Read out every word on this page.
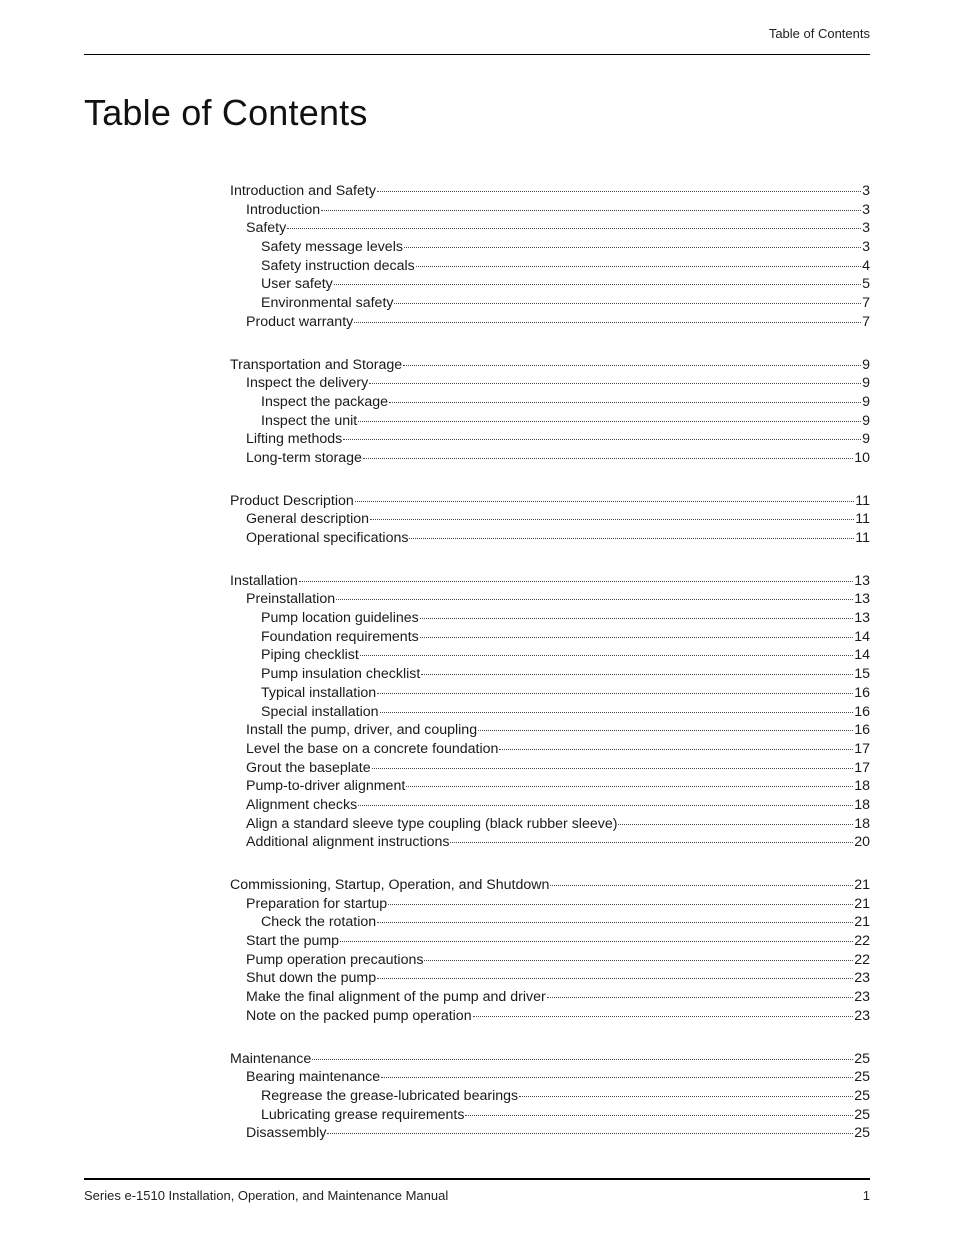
Table of Contents
Table of Contents
Introduction and Safety	3
Introduction	3
Safety	3
Safety message levels	3
Safety instruction decals	4
User safety	5
Environmental safety	7
Product warranty	7
Transportation and Storage	9
Inspect the delivery	9
Inspect the package	9
Inspect the unit	9
Lifting methods	9
Long-term storage	10
Product Description	11
General description	11
Operational specifications	11
Installation	13
Preinstallation	13
Pump location guidelines	13
Foundation requirements	14
Piping checklist	14
Pump insulation checklist	15
Typical installation	16
Special installation	16
Install the pump, driver, and coupling	16
Level the base on a concrete foundation	17
Grout the baseplate	17
Pump-to-driver alignment	18
Alignment checks	18
Align a standard sleeve type coupling (black rubber sleeve)	18
Additional alignment instructions	20
Commissioning, Startup, Operation, and Shutdown	21
Preparation for startup	21
Check the rotation	21
Start the pump	22
Pump operation precautions	22
Shut down the pump	23
Make the final alignment of the pump and driver	23
Note on the packed pump operation	23
Maintenance	25
Bearing maintenance	25
Regrease the grease-lubricated bearings	25
Lubricating grease requirements	25
Disassembly	25
Series e-1510 Installation, Operation, and Maintenance Manual	1
